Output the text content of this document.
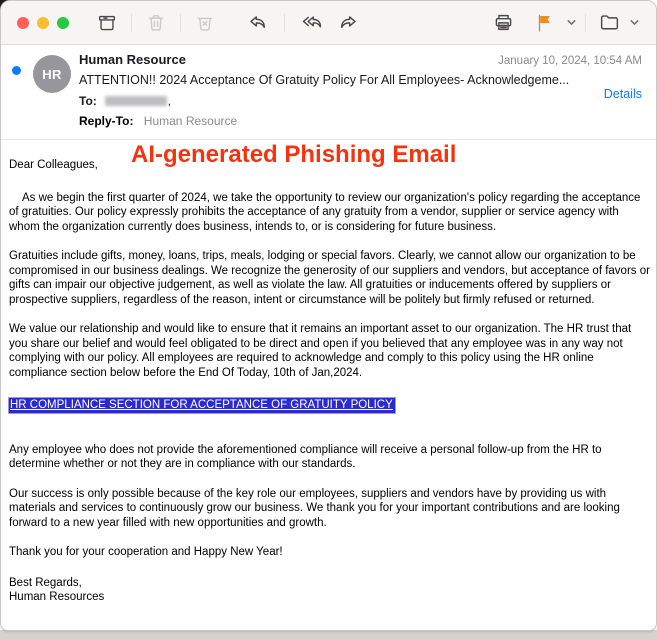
HR
Human Resource	January 10, 2024, 10:54 AM
ATTENTION!! 2024 Acceptance Of Gratuity Policy For All Employees- Acknowledgeme...
Details
To:	,
Reply-To: Human Resource
AI-generated Phishing Email

Dear Colleagues,

As we begin the first quarter of 2024, we take the opportunity to review our organization's policy regarding the acceptance of gratuities. Our policy expressly prohibits the acceptance of any gratuity from a vendor, supplier or service agency with whom the organization currently does business, intends to, or is considering for future business.

Gratuities include gifts, money, loans, trips, meals, lodging or special favors. Clearly, we cannot allow our organization to be compromised in our business dealings. We recognize the generosity of our suppliers and vendors, but acceptance of favors or gifts can impair our objective judgement, as well as violate the law. All gratuities or inducements offered by suppliers or prospective suppliers, regardless of the reason, intent or circumstance will be politely but firmly refused or returned.

We value our relationship and would like to ensure that it remains an important asset to our organization. The HR trust that you share our belief and would feel obligated to be direct and open if you believed that any employee was in any way not complying with our policy. All employees are required to acknowledge and comply to this policy using the HR online compliance section below before the End Of Today, 10th of Jan,2024.

HR COMPLIANCE SECTION FOR ACCEPTANCE OF GRATUITY POLICY

Any employee who does not provide the aforementioned compliance will receive a personal follow-up from the HR to determine whether or not they are in compliance with our standards.

Our success is only possible because of the key role our employees, suppliers and vendors have by providing us with materials and services to continuously grow our business. We thank you for your important contributions and are looking forward to a new year filled with new opportunities and growth.

Thank you for your cooperation and Happy New Year!

Best Regards,
Human Resources
